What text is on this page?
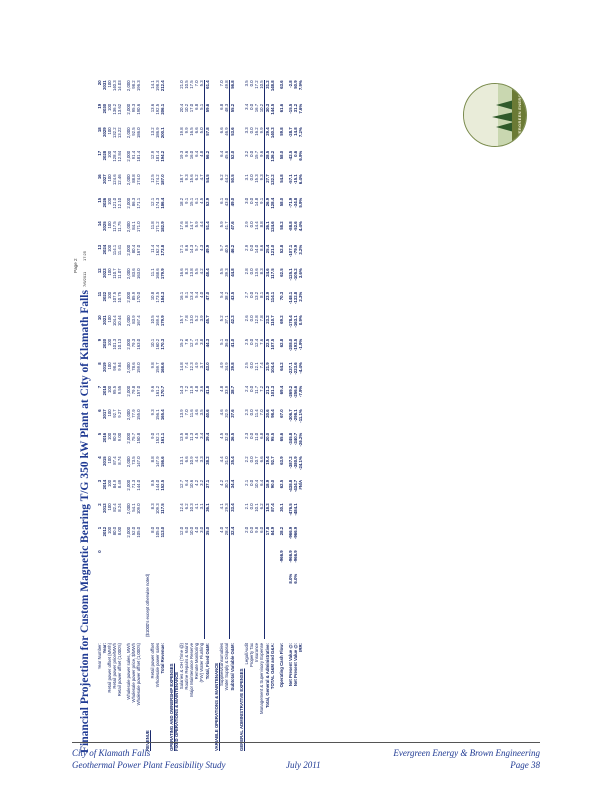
Financial Projection for Custom Magnetic Bearing T/G 350 kW Plant at City of Klamath Falls
Page 2
7/6/2011
17:25
Year Number:		0	1	2	3	4	5	6	7	8	9	10	11	12	13	14	15	16	17	18	19	20
Year:			2012	2013	2014	2015	2016	2017	2018	2019	2020	2021	2022	2023	2024	2025	2026	2027	2028	2029	2030	2031
Retail power offset (MWh)			100	100	100	100	100	100	100	100	100	100	100	100	100	100	100	100	100	100	100	100
Retail power price/MWh			80.0	82.4	84.9	87.4	90.0	92.7	95.5	98.4	101.3	104.4	107.5	110.7	114.1	117.5	121.0	124.6	128.4	132.2	136.2	140.3
Retail power offset (1,000's)			8.00	8.24	8.49	8.74	9.00	9.27	9.55	9.84	10.13	10.44	10.75	11.07	11.41	11.75	12.10	12.46	12.84	13.22	13.62	14.03

Wholesale power sales, MWh			2,000	2,000	2,000	2,000	2,000	2,000	2,000	2,000	2,000	2,000	2,000	2,000	2,000	2,000	2,000	2,000	2,000	2,000	2,000	2,000
Wholesale power price, $/MWh			52.0	54.1	71.3	73.5	75.7	77.9	79.8	78.6	79.3	83.9	85.9	83.6	80.4	84.1	86.3	88.8	91.4	92.5	95.3	98.2
Wholesale power offset (1,000's)			105.0	109.0	144.0	147.0	150.8	155.0	157.0	159.0	163.0	167.4	170.0	163.0	167.0	171.0	171.1	174.0	181.4	186.0	190.6	196.3

REVENUE	($1000's except otherwise noted)																					
Retail power offset			8.0	8.3	8.5	8.8	9.0	9.3	9.6	9.8	10.1	10.5	10.8	11.1	11.4	11.8	12.1	12.5	12.9	13.2	13.6	14.1
Wholesale power sales			105.0	109.3	144.0	147.9	152.1	156.1	161.2	159.7	160.2	169.4	173.5	168.6	162.4	171.2	174.3	174.2	181.4	186.9	192.5	198.3
Total Revenue:			113.0	117.5	152.5	156.6	161.1	165.4	170.7	168.6	170.3	179.9	184.3	179.9	173.8	182.9	186.4	187.0	194.2	200.1	206.1	212.4

OPERATING AND OWNERSHIP EXPENSES																						
FIXED OPERATIONS & MAINTENANCE																						
Salaries & OH (Time @)			12.0	12.4	12.7	13.1	13.5	13.9	14.3	14.8	15.2	15.7	16.1	16.6	17.1	17.6	18.2	18.7	19.3	19.8	20.4	21.0
Routine Repairs & Maint			6.0	6.2	6.4	6.6	6.8	7.0	7.2	7.4	7.6	7.8	8.1	8.3	8.6	8.8	9.1	9.3	9.6	9.9	10.2	10.5
Major Maintenance Reserve			10.0	10.3	10.6	10.9	11.3	11.6	11.9	12.3	12.7	13.0	13.4	13.8	14.3	14.7	15.1	15.6	16.0	16.5	17.0	17.5
Remote Monitoring			4.0	4.1	4.2	4.4	4.5	4.6	4.8	4.9	5.1	5.2	5.4	5.5	5.7	5.9	6.1	6.2	6.4	6.6	6.8	7.0
(FW) Water Flushing			3.0	3.1	3.2	3.3	3.4	3.5	3.6	3.7	3.8	3.9	4.0	4.2	4.3	4.4	4.5	4.7	4.8	5.0	5.1	5.3
Total, Fixed O&M:			35.0	36.1	37.1	38.2	39.4	40.6	41.8	43.0	44.3	45.7	47.0	48.4	49.9	51.4	52.9	54.5	56.2	57.8	59.6	61.4

VARIABLE OPERATIONS & MAINTENANCE																						
Supplies/consumables			4.0	4.1	4.2	4.4	4.5	4.6	4.8	4.9	5.1	5.2	5.4	5.5	5.7	5.9	6.1	6.2	6.4	6.6	6.8	7.0
Water Supply & Disposal			28.4	29.3	30.1	31.0	32.0	32.9	33.9	34.9	36.0	37.1	38.2	39.3	40.5	41.7	43.0	44.2	45.6	46.9	48.3	49.8
Subtotal Variable O&M:			32.4	33.4	34.4	35.4	36.5	37.6	38.7	39.8	41.0	42.3	43.5	44.8	46.2	47.6	49.0	50.5	52.0	53.6	55.2	56.8

GENERAL ADMINISTRATIVE EXPENSES																						
Legal/Audit			2.0	2.1	2.1	2.2	2.3	2.3	2.4	2.5	2.5	2.6	2.7	2.8	2.9	2.9	3.0	3.1	3.2	3.3	3.4	3.5
Property Tax			0.0	0.0	0.0	0.0	0.0	0.0	0.0	0.0	0.0	0.0	0.0	0.0	0.0	0.0	0.0	0.0	0.0	0.0	0.0	0.0
Insurance			9.8	10.1	10.4	10.7	11.0	11.4	11.7	12.1	12.4	12.8	13.2	13.6	14.0	14.4	14.8	15.3	15.7	16.2	16.7	17.2
Management & Supervisory Expense			6.0	6.2	6.4	6.6	6.8	7.0	7.2	7.4	7.6	7.8	8.1	8.3	8.6	8.8	9.1	9.3	9.6	9.9	10.2	10.5
Total, General & Administrative:			17.8	18.3	18.9	19.4	20.0	20.6	21.2	21.9	22.5	23.2	23.9	24.6	25.4	26.1	26.9	27.7	28.5	29.4	30.3	31.2
TOTAL O&M and G&A:			84.9	87.4	90.0	92.7	95.5	98.4	101.3	104.4	107.5	110.7	114.1	117.5	121.0	124.6	128.4	132.2	136.2	140.3	144.5	148.8

Operating Cash Flow:		-966.9	28.2	30.1	62.5	63.9	65.6	67.0	69.4	64.2	62.8	69.2	70.3	62.5	52.8	58.2	58.0	54.8	58.0	59.8	61.6	63.6

Net Present Value @:	8.0%	-966.9	-966.9	-476.5	-438.8	-387.2	-345.8	-306.7	-269.2	-237.1	-208.0	-178.4	-148.1	-125.1	-107.1	-88.8	-71.9	-57.1	-42.5	-28.7	-15.5	-2.8
Net Present Value @:	6.0%	-966.9	-966.9	-484.1	-434.7	-380.9	-340.7	-298.1	-256.6	-223.6	-193.5	-163.1	-132.8	-105.2	-79.9	-52.6	-34.8	-15.1	0.6	14.8	31.2	50.9
IRR:					#N/A	-24.1%	-26.2%	-11.1%	-7.9%	-4.4%	-1.9%	0.9%	2.3%	3.6%	3.2%	4.4%	5.9%	6.4%	6.9%	7.2%	7.6%	7.9%
EVERGREEN ENERGY
City of Klamath Falls
Geothermal Power Plant Feasibility Study	July 2011
Evergreen Energy & Brown Engineering
Page 38
